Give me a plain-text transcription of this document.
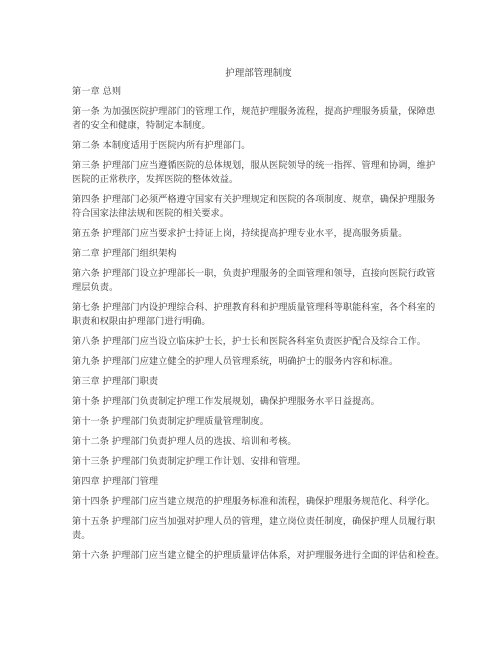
护理部管理制度
第一章 总则
第一条 为加强医院护理部门的管理工作，规范护理服务流程，提高护理服务质量，保障患
者的安全和健康，特制定本制度。
第二条 本制度适用于医院内所有护理部门。
第三条 护理部门应当遵循医院的总体规划，服从医院领导的统一指挥、管理和协调，维护
医院的正常秩序，发挥医院的整体效益。
第四条 护理部门必须严格遵守国家有关护理规定和医院的各项制度、规章，确保护理服务
符合国家法律法规和医院的相关要求。
第五条 护理部门应当要求护士持证上岗，持续提高护理专业水平，提高服务质量。
第二章 护理部门组织架构
第六条 护理部门设立护理部长一职，负责护理服务的全面管理和领导，直接向医院行政管
理层负责。
第七条 护理部门内设护理综合科、护理教育科和护理质量管理科等职能科室，各个科室的
职责和权限由护理部门进行明确。
第八条 护理部门应当设立临床护士长，护士长和医院各科室负责医护配合及综合工作。
第九条 护理部门应建立健全的护理人员管理系统，明确护士的服务内容和标准。
第三章 护理部门职责
第十条 护理部门负责制定护理工作发展规划，确保护理服务水平日益提高。
第十一条 护理部门负责制定护理质量管理制度。
第十二条 护理部门负责护理人员的选拔、培训和考核。
第十三条 护理部门负责制定护理工作计划、安排和管理。
第四章 护理部门管理
第十四条 护理部门应当建立规范的护理服务标准和流程，确保护理服务规范化、科学化。
第十五条 护理部门应当加强对护理人员的管理，建立岗位责任制度，确保护理人员履行职
责。
第十六条 护理部门应当建立健全的护理质量评估体系，对护理服务进行全面的评估和检查。
